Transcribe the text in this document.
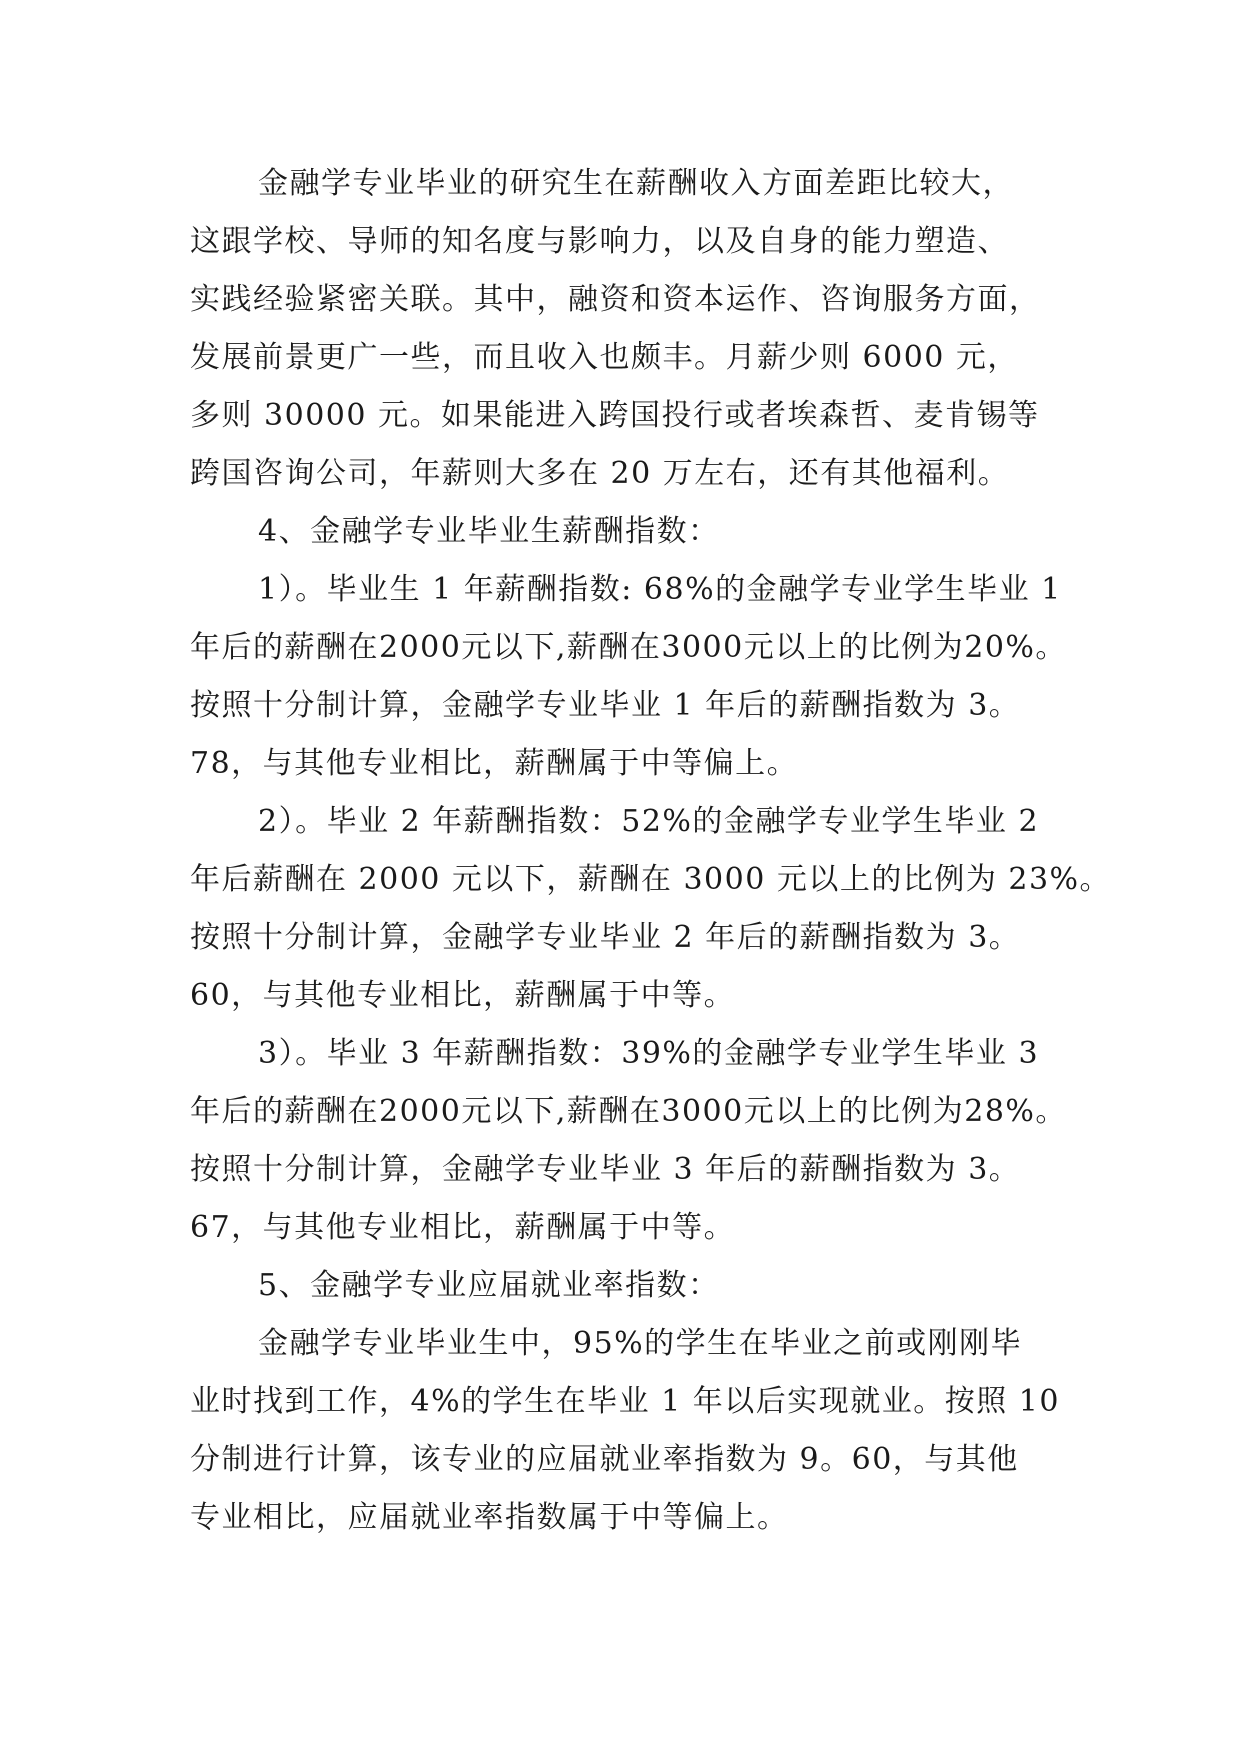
金融学专业毕业的研究生在薪酬收入方面差距比较大，
这跟学校、导师的知名度与影响力，以及自身的能力塑造、
实践经验紧密关联。其中，融资和资本运作、咨询服务方面，
发展前景更广一些，而且收入也颇丰。月薪少则 6000 元，
多则 30000 元。如果能进入跨国投行或者埃森哲、麦肯锡等
跨国咨询公司，年薪则大多在 20 万左右，还有其他福利。
4、金融学专业毕业生薪酬指数：
1）。毕业生 1 年薪酬指数: 68%的金融学专业学生毕业 1
年后的薪酬在2000元以下,薪酬在3000元以上的比例为20%。
按照十分制计算，金融学专业毕业 1 年后的薪酬指数为 3。
78，与其他专业相比，薪酬属于中等偏上。
2）。毕业 2 年薪酬指数：52%的金融学专业学生毕业 2
年后薪酬在 2000 元以下，薪酬在 3000 元以上的比例为 23%。
按照十分制计算，金融学专业毕业 2 年后的薪酬指数为 3。
60，与其他专业相比，薪酬属于中等。
3）。毕业 3 年薪酬指数：39%的金融学专业学生毕业 3
年后的薪酬在2000元以下,薪酬在3000元以上的比例为28%。
按照十分制计算，金融学专业毕业 3 年后的薪酬指数为 3。
67，与其他专业相比，薪酬属于中等。
5、金融学专业应届就业率指数：
金融学专业毕业生中，95%的学生在毕业之前或刚刚毕
业时找到工作，4%的学生在毕业 1 年以后实现就业。按照 10
分制进行计算，该专业的应届就业率指数为 9。60，与其他
专业相比，应届就业率指数属于中等偏上。
